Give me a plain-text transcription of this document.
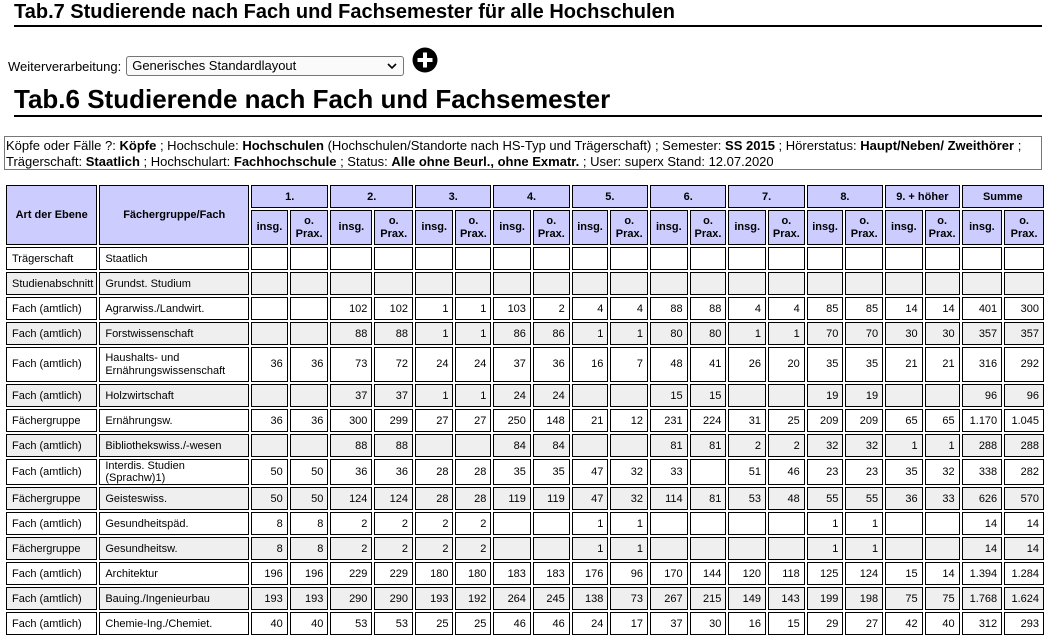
Tab.7 Studierende nach Fach und Fachsemester für alle Hochschulen
Weiterverarbeitung: Generisches Standardlayout
Tab.6 Studierende nach Fach und Fachsemester
Köpfe oder Fälle ?: Köpfe ; Hochschule: Hochschulen (Hochschulen/Standorte nach HS-Typ und Trägerschaft) ; Semester: SS 2015 ; Hörerstatus: Haupt/Neben/ Zweithörer ; Trägerschaft: Staatlich ; Hochschulart: Fachhochschule ; Status: Alle ohne Beurl., ohne Exmatr. ; User: superx Stand: 12.07.2020
Art der Ebene	Fächergruppe/Fach	1.		2.		3.		4.		5.		6.		7.		8.		9. + höher		Summe	
		insg.	o. Prax.	insg.	o. Prax.	insg.	o. Prax.	insg.	o. Prax.	insg.	o. Prax.	insg.	o. Prax.	insg.	o. Prax.	insg.	o. Prax.	insg.	o. Prax.	insg.	o. Prax.
Trägerschaft	Staatlich																				
Studienabschnitt	Grundst. Studium																				
Fach (amtlich)	Agrarwiss./Landwirt.			102	102	1	1	103	2	4	4	88	88	4	4	85	85	14	14	401	300
Fach (amtlich)	Forstwissenschaft			88	88	1	1	86	86	1	1	80	80	1	1	70	70	30	30	357	357
Fach (amtlich)	Haushalts- und Ernährungswissenschaft	36	36	73	72	24	24	37	36	16	7	48	41	26	20	35	35	21	21	316	292
Fach (amtlich)	Holzwirtschaft			37	37	1	1	24	24			15	15			19	19			96	96
Fächergruppe	Ernährungsw.	36	36	300	299	27	27	250	148	21	12	231	224	31	25	209	209	65	65	1.170	1.045
Fach (amtlich)	Bibliothekswiss./-wesen			88	88			84	84			81	81	2	2	32	32	1	1	288	288
Fach (amtlich)	Interdis. Studien (Sprachw)1)	50	50	36	36	28	28	35	35	47	32	33		51	46	23	23	35	32	338	282
Fächergruppe	Geisteswiss.	50	50	124	124	28	28	119	119	47	32	114	81	53	48	55	55	36	33	626	570
Fach (amtlich)	Gesundheitspäd.	8	8	2	2	2	2			1	1					1	1			14	14
Fächergruppe	Gesundheitsw.	8	8	2	2	2	2			1	1					1	1			14	14
Fach (amtlich)	Architektur	196	196	229	229	180	180	183	183	176	96	170	144	120	118	125	124	15	14	1.394	1.284
Fach (amtlich)	Bauing./Ingenieurbau	193	193	290	290	193	192	264	245	138	73	267	215	149	143	199	198	75	75	1.768	1.624
Fach (amtlich)	Chemie-Ing./Chemiet.	40	40	53	53	25	25	46	46	24	17	37	30	16	15	29	27	42	40	312	293
